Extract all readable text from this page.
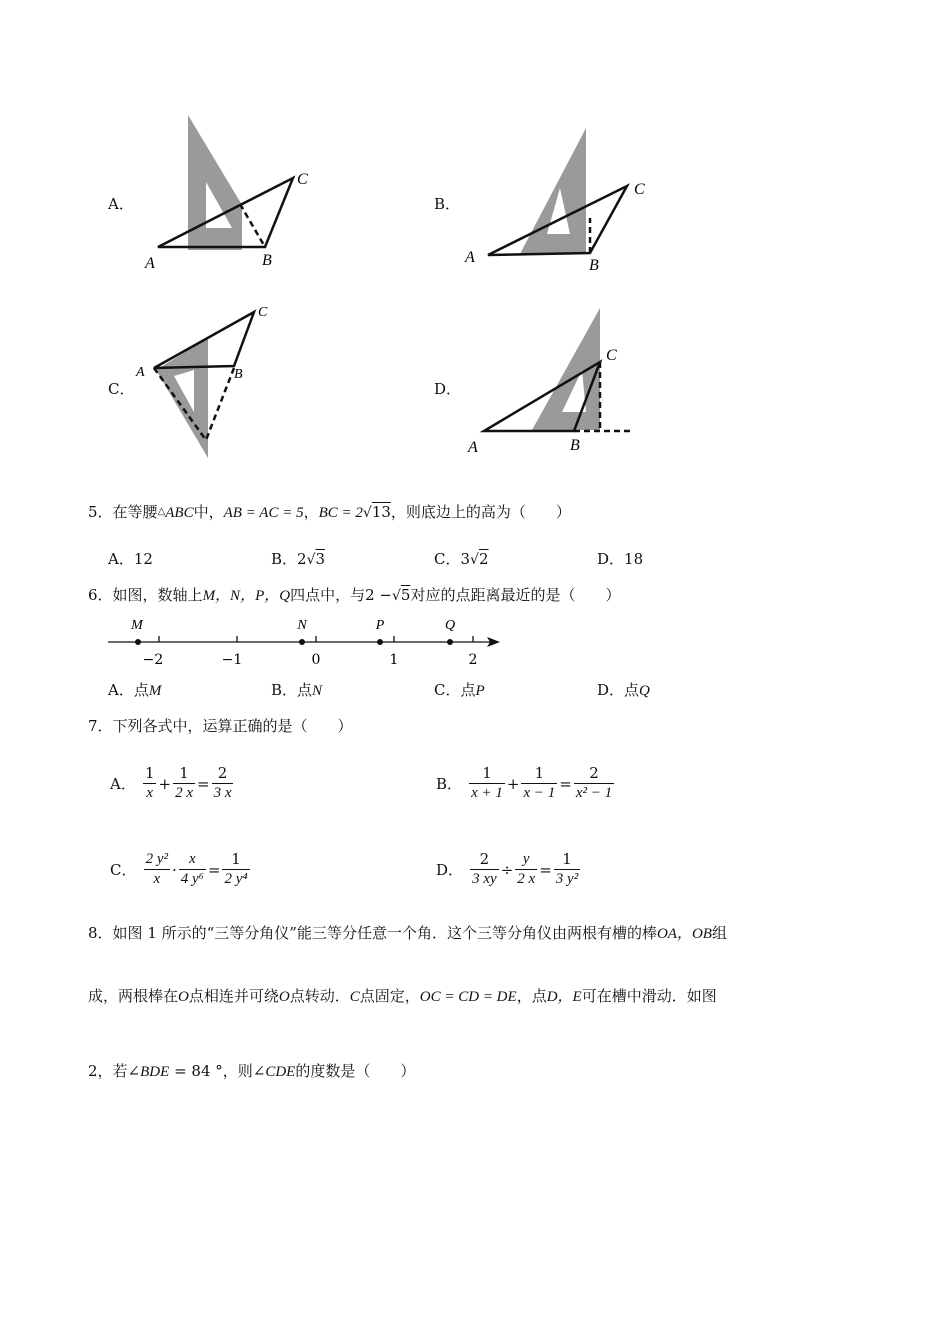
A．
A	B
C
B．
A	B
C
C．
A	B
C
D．
A	B
C
5．在等腰△ABC中，AB = AC = 5，BC = 2√13，则底边上的高为（　　）
A．12	B．2√3	C．3√2	D．18
6．如图，数轴上M，N，P，Q四点中，与2 −√5对应的点距离最近的是（　　）
M	N	P	Q
−2	−1	0	1	2
A．点M	B．点N	C．点P	D．点Q
7．下列各式中，运算正确的是（　　）
A． $\frac{1}{x} + \frac{1}{2 x} = \frac{2}{3 x}$	B． $\frac{1}{x + 1} + \frac{1}{x - 1} = \frac{2}{\text{x² − 1}}$
C． $\frac{\text{2 y²}}{x} \cdot \frac{x}{\text{4 y⁶}} = \frac{1}{\text{2 y⁴}}$	D． $\frac{2}{3 xy} \div \frac{y}{2 x} = \frac{1}{\text{3 y²}}$
8．如图 1 所示的“三等分角仪”能三等分任意一个角．这个三等分角仪由两根有槽的棒OA，OB组
成，两根棒在O点相连并可绕O点转动．C点固定，OC = CD = DE，点D，E可在槽中滑动．如图
2，若∠BDE = 84 °，则∠CDE的度数是（　　）
